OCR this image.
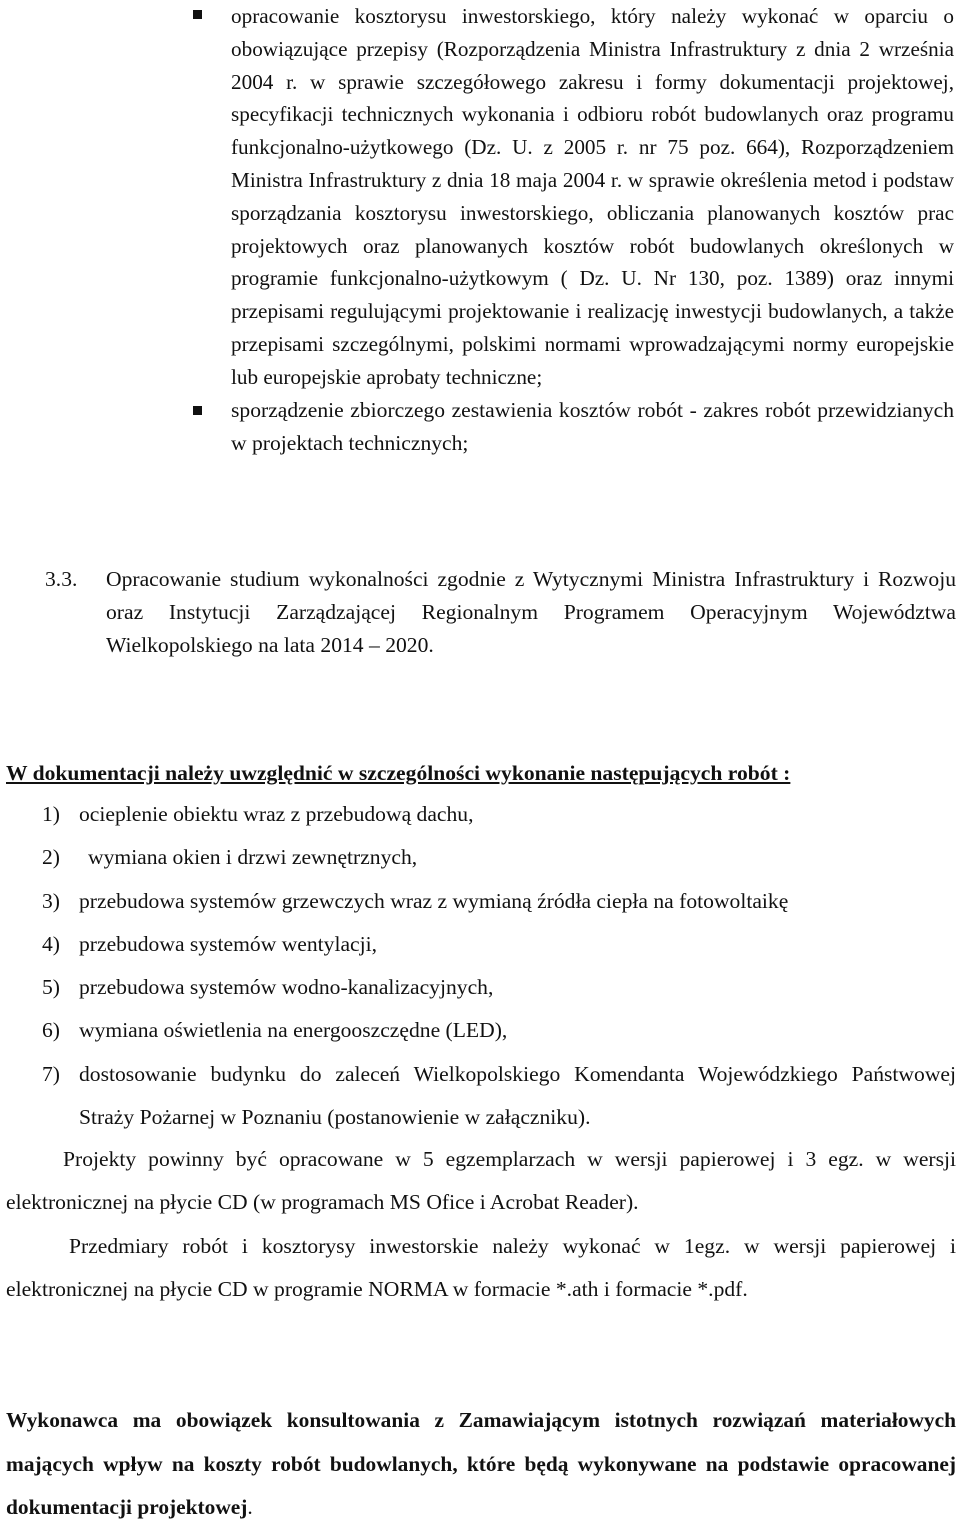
opracowanie kosztorysu inwestorskiego, który należy wykonać w oparciu o obowiązujące przepisy (Rozporządzenia Ministra Infrastruktury z dnia 2 września 2004 r. w sprawie szczegółowego zakresu i formy dokumentacji projektowej, specyfikacji technicznych wykonania i odbioru robót budowlanych oraz programu funkcjonalno-użytkowego (Dz. U. z 2005 r. nr 75 poz. 664), Rozporządzeniem Ministra Infrastruktury z dnia 18 maja 2004 r. w sprawie określenia metod i podstaw sporządzania kosztorysu inwestorskiego, obliczania planowanych kosztów prac projektowych oraz planowanych kosztów robót budowlanych określonych w programie funkcjonalno-użytkowym ( Dz. U. Nr 130, poz. 1389) oraz innymi przepisami regulującymi projektowanie i realizację inwestycji budowlanych, a także przepisami szczególnymi, polskimi normami wprowadzającymi normy europejskie lub europejskie aprobaty techniczne;
sporządzenie zbiorczego zestawienia kosztów robót - zakres robót przewidzianych w projektach technicznych;
3.3. Opracowanie studium wykonalności zgodnie z Wytycznymi Ministra Infrastruktury i Rozwoju oraz Instytucji Zarządzającej Regionalnym Programem Operacyjnym Województwa Wielkopolskiego na lata 2014 – 2020.

W dokumentacji należy uwzględnić w szczególności wykonanie następujących robót :

1) ocieplenie obiektu wraz z przebudową dachu,
2) wymiana okien i drzwi zewnętrznych,
3) przebudowa systemów grzewczych wraz z wymianą źródła ciepła na fotowoltaikę
4) przebudowa systemów wentylacji,
5) przebudowa systemów wodno-kanalizacyjnych,
6) wymiana oświetlenia na energooszczędne (LED),
7) dostosowanie budynku do zaleceń Wielkopolskiego Komendanta Wojewódzkiego Państwowej Straży Pożarnej w Poznaniu (postanowienie w załączniku).
Projekty powinny być opracowane w 5 egzemplarzach w wersji papierowej i 3 egz. w wersji elektronicznej na płycie CD (w programach MS Ofice i Acrobat Reader).
Przedmiary robót i kosztorysy inwestorskie należy wykonać w 1egz. w wersji papierowej i elektronicznej na płycie CD w programie NORMA w formacie *.ath i formacie *.pdf.
Wykonawca ma obowiązek konsultowania z Zamawiającym istotnych rozwiązań materiałowych mających wpływ na koszty robót budowlanych, które będą wykonywane na podstawie opracowanej dokumentacji projektowej.
